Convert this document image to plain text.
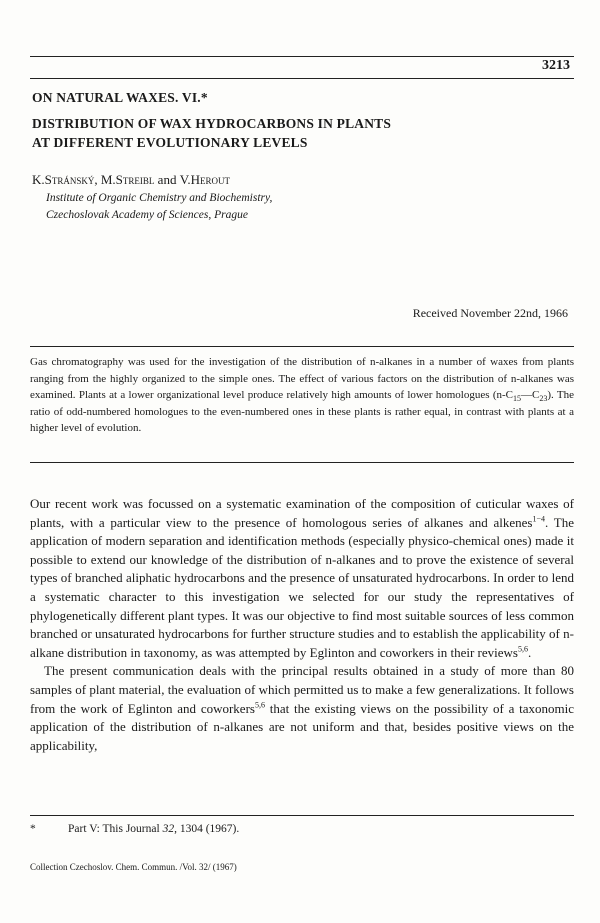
3213

ON NATURAL WAXES. VI.*

DISTRIBUTION OF WAX HYDROCARBONS IN PLANTS
AT DIFFERENT EVOLUTIONARY LEVELS

K.Stránský, M.Streibl and V.Herout
Institute of Organic Chemistry and Biochemistry,
Czechoslovak Academy of Sciences, Prague
Received November 22nd, 1966
Gas chromatography was used for the investigation of the distribution of n-alkanes in a number of waxes from plants ranging from the highly organized to the simple ones. The effect of various factors on the distribution of n-alkanes was examined. Plants at a lower organizational level produce relatively high amounts of lower homologues $(n-C_{15}—C_{23})$. The ratio of odd-numbered homologues to the even-numbered ones in these plants is rather equal, in contrast with plants at a higher level of evolution.

Our recent work was focussed on a systematic examination of the composition of cuticular waxes of plants, with a particular view to the presence of homologous series of alkanes and alkenes$^{1-4}$. The application of modern separation and identification methods (especially physico-chemical ones) made it possible to extend our knowledge of the distribution of n-alkanes and to prove the existence of several types of branched aliphatic hydrocarbons and the presence of unsaturated hydrocarbons. In order to lend a systematic character to this investigation we selected for our study the representatives of phylogenetically different plant types. It was our objective to find most suitable sources of less common branched or unsaturated hydrocarbons for further structure studies and to establish the applicability of n-alkane distribution in taxonomy, as was attempted by Eglinton and coworkers in their reviews$^{5,6}$.

The present communication deals with the principal results obtained in a study of more than 80 samples of plant material, the evaluation of which permitted us to make a few generalizations. It follows from the work of Eglinton and coworkers$^{5,6}$ that the existing views on the possibility of a taxonomic application of the distribution of n-alkanes are not uniform and that, besides positive views on the applicability,

*	Part V: This Journal 32, 1304 (1967).
Collection Czechoslov. Chem. Commun. /Vol. 32/ (1967)
